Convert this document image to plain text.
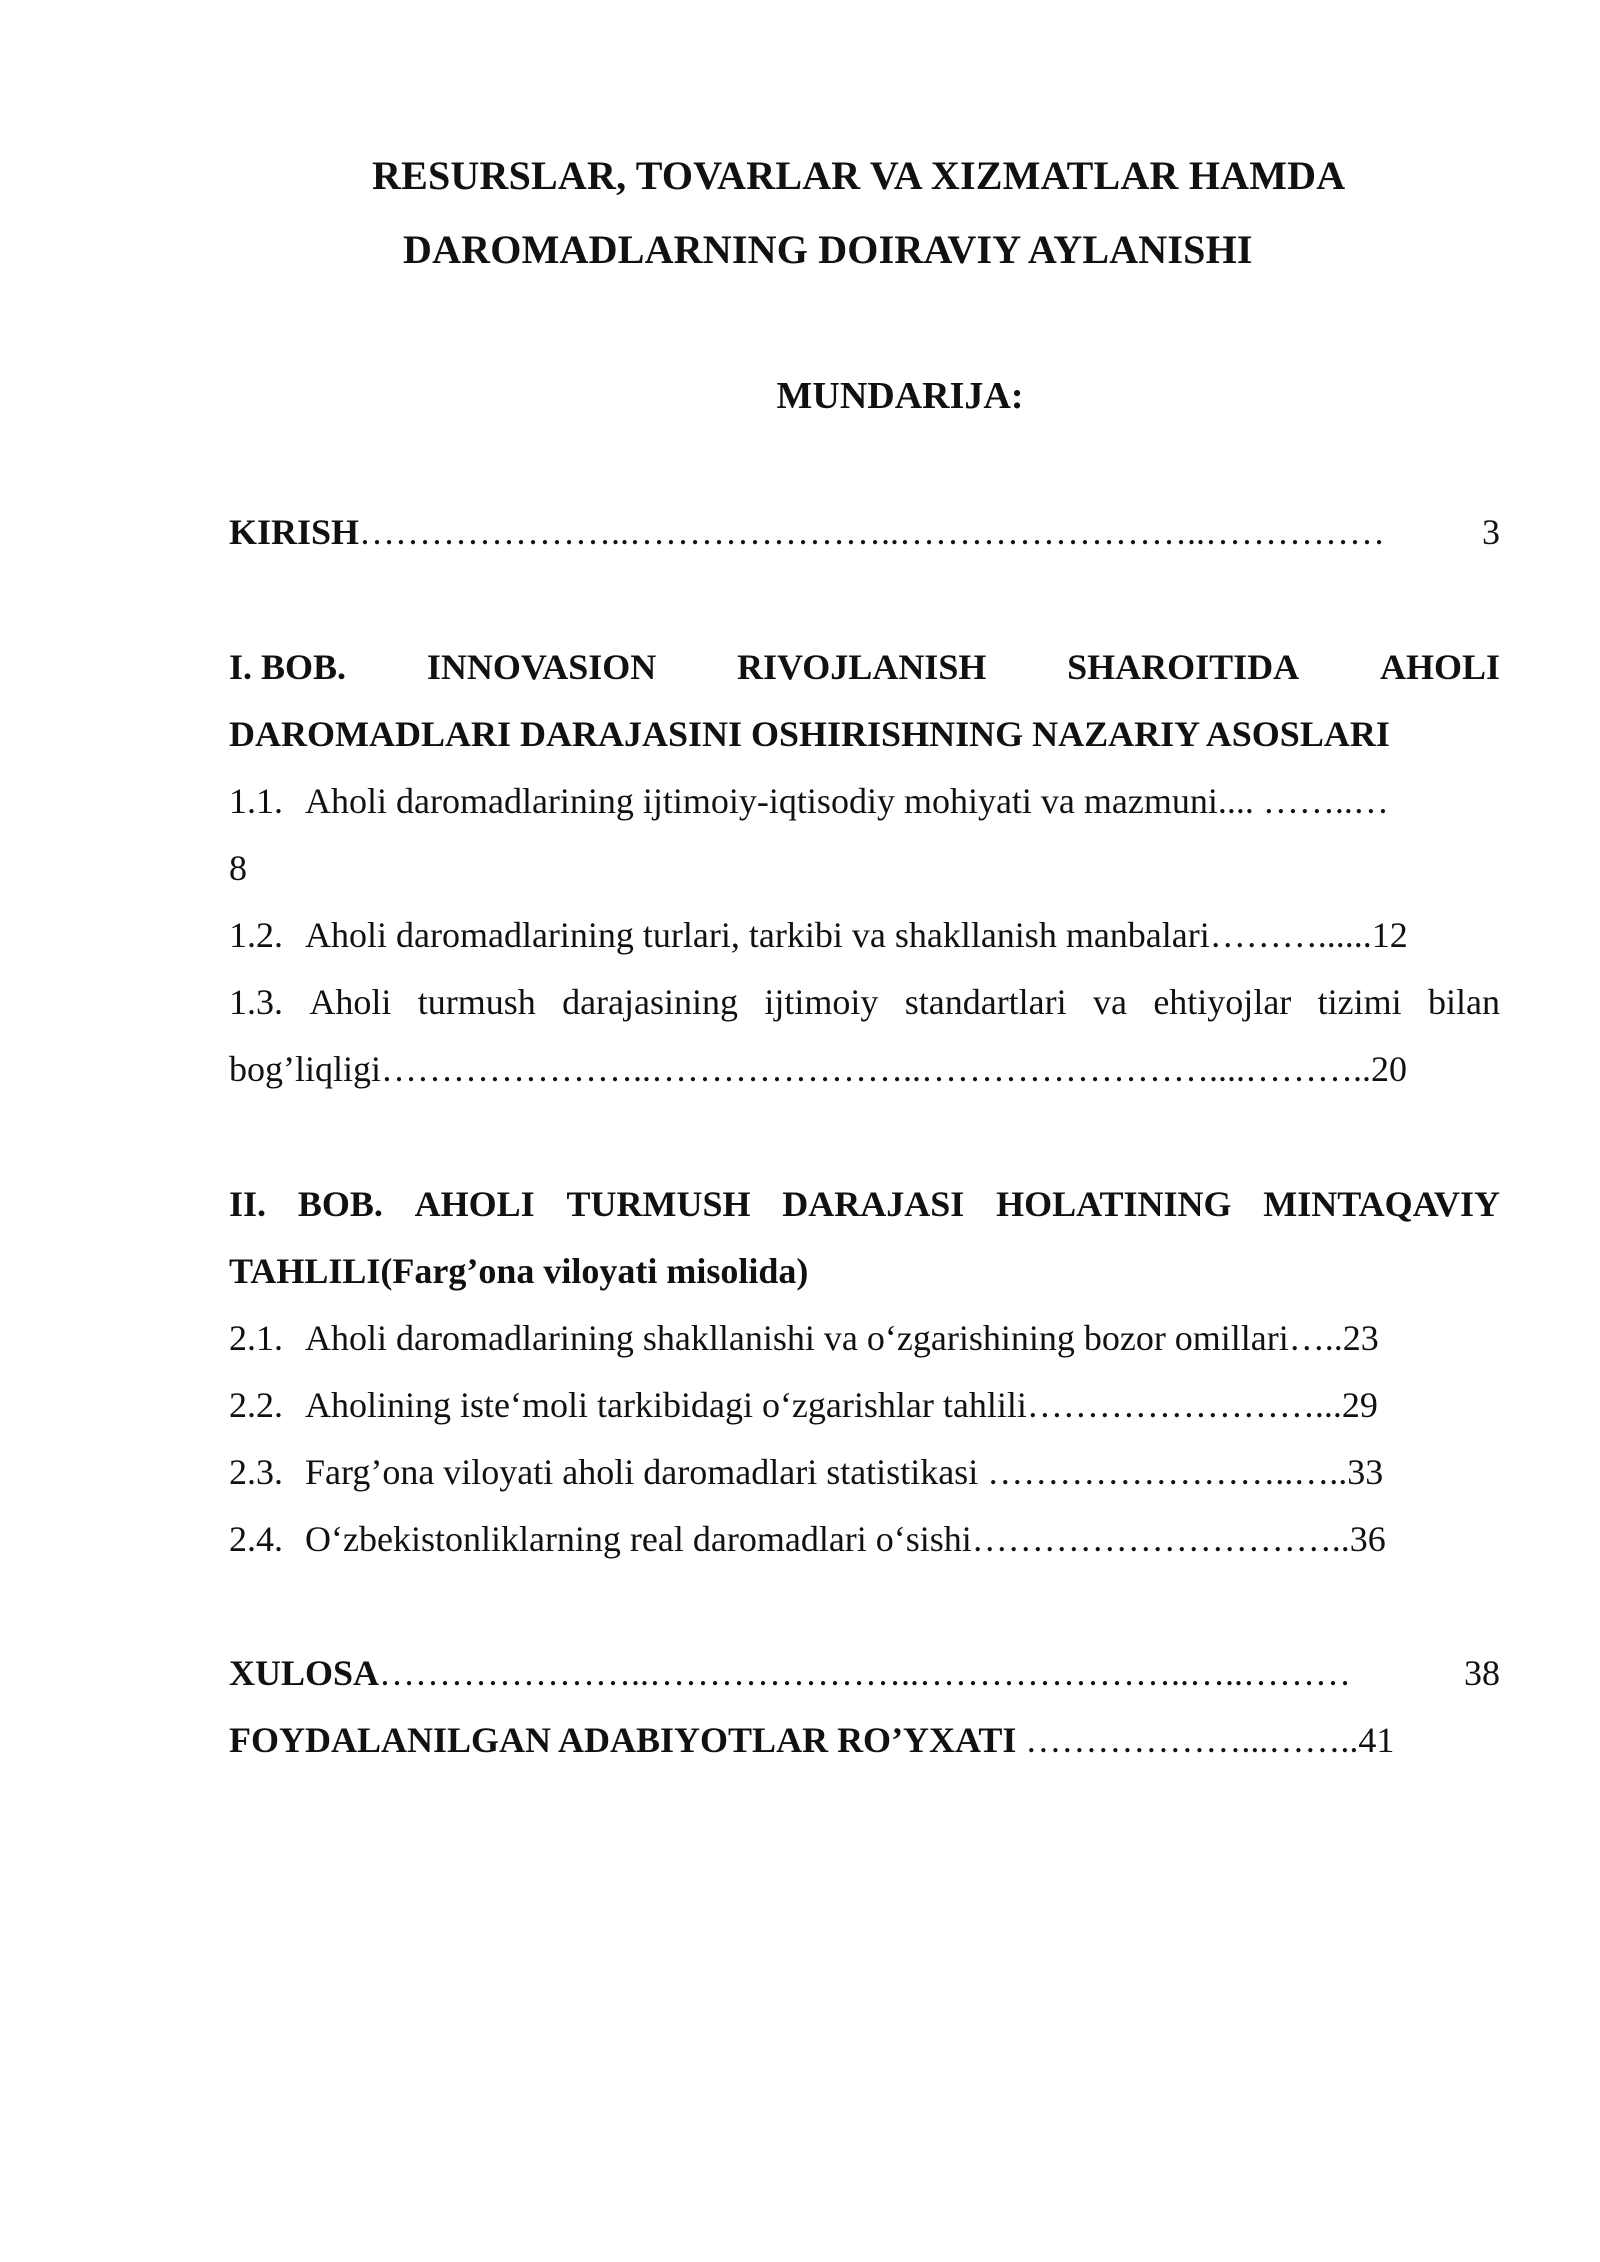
RESURSLAR, TOVARLAR VA XIZMATLAR HAMDA
DAROMADLARNING DOIRAVIY AYLANISHI
MUNDARIJA:
KIRISH …………………..…………………..……………………..……………	3
I. BOB. INNOVASION RIVOJLANISH SHAROITIDA AHOLI
DAROMADLARI DARAJASINI OSHIRISHNING NAZARIY ASOSLARI
1.1. Aholi daromadlarining ijtimoiy-iqtisodiy mohiyati va mazmuni.... ……..…
8
1.2. Aholi daromadlarining turlari, tarkibi va shakllanish manbalari………......12
1.3. Aholi turmush darajasining ijtimoiy standartlari va ehtiyojlar tizimi bilan
bog’liqligi…………………..…………………..……………………....………..20
II. BOB. AHOLI TURMUSH DARAJASI HOLATINING MINTAQAVIY
TAHLILI(Farg’ona viloyati misolida)
2.1. Aholi daromadlarining shakllanishi va oʻzgarishining bozor omillari…..23
2.2. Aholining isteʻmoli tarkibidagi oʻzgarishlar tahlili……………………...29
2.3. Farg’ona viloyati aholi daromadlari statistikasi ……………………..…..33
2.4. Oʻzbekistonliklarning real daromadlari oʻsishi…………………………..36
XULOSA …………………..…………………..…………………..…..………	38
FOYDALANILGAN ADABIYOTLAR RO’YXATI ………………...……..41
